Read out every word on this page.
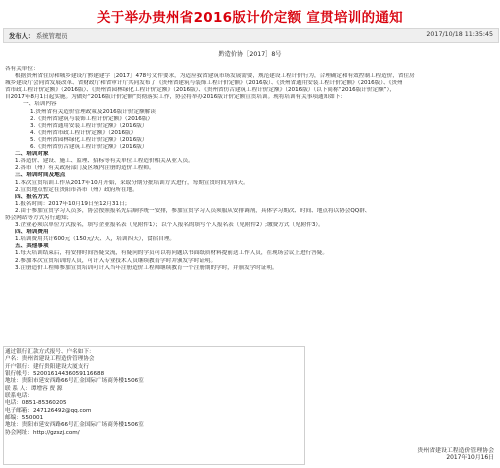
关于举办贵州省2016版计价定额 宣贯培训的通知
发布人： 系统管理员	2017/10/18 11:35:45
黔造价协［2017］8号

各有关单位：

根据贵州省住房和城乡建设厅黔建建字［2017］478号文件要求，为适应我省建筑市场发展需要，规范建设工程计价行为，合理确定和有效控制工程造价，省住房

城乡建设厅会同省发展改革、省财政厅和省审计厅共同发布了《贵州省建筑与装饰工程计价定额》（2016版）、《贵州省通用安装工程计价定额》（2016版）、《贵州

省市政工程计价定额》（2016版）、《贵州省园林绿化工程计价定额》（2016版）、《贵州省仿古建筑工程计价定额》（2016版）（以下简称“2016版计价定额”），

自2017年8月1日起实施。为做好“2016版计价定额”贯彻落实工作，协会将举办2016版计价定额宣贯培训。现将培训有关事项通知如下：

一、培训内容

1.贵州省有关造价管理政策及2016版计价定额解读

2.《贵州省建筑与装饰工程计价定额》（2016版）

3.《贵州省通用安装工程计价定额》（2016版）

4.《贵州省市政工程计价定额》（2016版）

5.《贵州省园林绿化工程计价定额》（2016版）

6.《贵州省仿古建筑工程计价定额》（2016版）

二、培训对象

1.各造价、建设、施工、监理、招标等有关单位工程造价相关从业人员。

2.各市（州）有关政府部门及区域内注册的造价工程师。

三、培训时间及地点

1.本次宣贯培训工作从2017年10月开始，采取分期分批培训方式进行，每期宣贯时间为四天。

2.宣贯地点暂定在贵阳市各市（州）政府所在地。

四、报名方式

1.报名时间：2017年10月19日至12月31日；

2.由于参加宣贯学习人员多，协会按照报名先后顺序统一安排，参加宣贯学习人员须服从安排调剂，具体学习期次、时间、地点将以协会QQ群、

协会网站等方式另行通知；

3.企业必须以单位方式报名，填写企业报名表（见附件1）；以个人报名的填写个人报名表（见附件2）;缴费方式（见附件3）。

四、培训费用

1.培训费用共计600元（150元/天、人，培训四天），食宿自理。

五、其他事项

1.每天培训结束后，将安排时间答疑交流，有疑问的学员可以将问题以书面纸质材料提前送工作人员，在现场会议上进行答疑。

2.参加本次宣贯培训的人员，可计入专业技术人员继续教育学时并颁发学时证明。

3.注册造价工程师参加宣贯培训可计入当年注册造价工程师继续教育一个注册期的学时，并颁发学时证明。

通过银行汇款方式报号、户名如下：

户名：贵州省建设工程造价管理协会

开户银行：建行贵阳建设大厦支行

银行帐号：52001614436059116688

地址：贵阳市延安西路66号汇金国际广场商务楼1506室

联 系 人：谭增容 贾 源

联系电话：

电话：0851-85360205

电子邮箱：247126492@qq.com

邮编：550001

地址：贵阳市延安西路66号汇金国际广场商务楼1506室

协会网址：http://gzszj.com/

贵州省建设工程造价管理协会

2017年10月16日
